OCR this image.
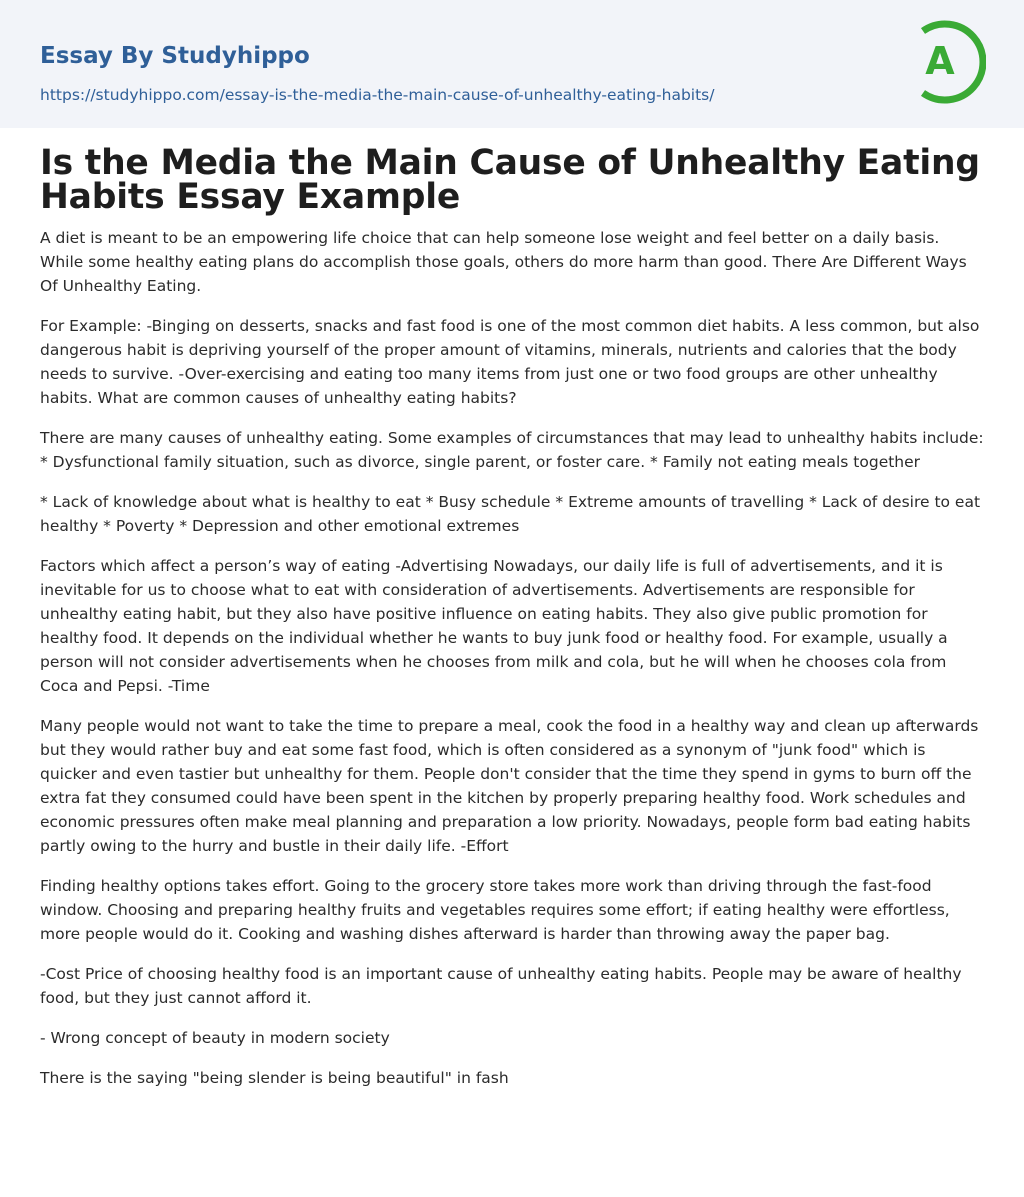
Essay By Studyhippo
https://studyhippo.com/essay-is-the-media-the-main-cause-of-unhealthy-eating-habits/
A
Is the Media the Main Cause of Unhealthy Eating Habits Essay Example

A diet is meant to be an empowering life choice that can help someone lose weight and feel better on a daily basis. While some healthy eating plans do accomplish those goals, others do more harm than good. There Are Different Ways Of Unhealthy Eating.

For Example: -Binging on desserts, snacks and fast food is one of the most common diet habits. A less common, but also dangerous habit is depriving yourself of the proper amount of vitamins, minerals, nutrients and calories that the body needs to survive. -Over-exercising and eating too many items from just one or two food groups are other unhealthy habits. What are common causes of unhealthy eating habits?

There are many causes of unhealthy eating. Some examples of circumstances that may lead to unhealthy habits include: * Dysfunctional family situation, such as divorce, single parent, or foster care. * Family not eating meals together

* Lack of knowledge about what is healthy to eat * Busy schedule * Extreme amounts of travelling * Lack of desire to eat healthy * Poverty * Depression and other emotional extremes

Factors which affect a person’s way of eating -Advertising Nowadays, our daily life is full of advertisements, and it is inevitable for us to choose what to eat with consideration of advertisements. Advertisements are responsible for unhealthy eating habit, but they also have positive influence on eating habits. They also give public promotion for healthy food. It depends on the individual whether he wants to buy junk food or healthy food. For example, usually a person will not consider advertisements when he chooses from milk and cola, but he will when he chooses cola from Coca and Pepsi. -Time

Many people would not want to take the time to prepare a meal, cook the food in a healthy way and clean up afterwards but they would rather buy and eat some fast food, which is often considered as a synonym of "junk food" which is quicker and even tastier but unhealthy for them. People don't consider that the time they spend in gyms to burn off the extra fat they consumed could have been spent in the kitchen by properly preparing healthy food. Work schedules and economic pressures often make meal planning and preparation a low priority. Nowadays, people form bad eating habits partly owing to the hurry and bustle in their daily life. -Effort

Finding healthy options takes effort. Going to the grocery store takes more work than driving through the fast-food window. Choosing and preparing healthy fruits and vegetables requires some effort; if eating healthy were effortless, more people would do it. Cooking and washing dishes afterward is harder than throwing away the paper bag.

-Cost Price of choosing healthy food is an important cause of unhealthy eating habits. People may be aware of healthy food, but they just cannot afford it.

- Wrong concept of beauty in modern society

There is the saying "being slender is being beautiful" in fash
